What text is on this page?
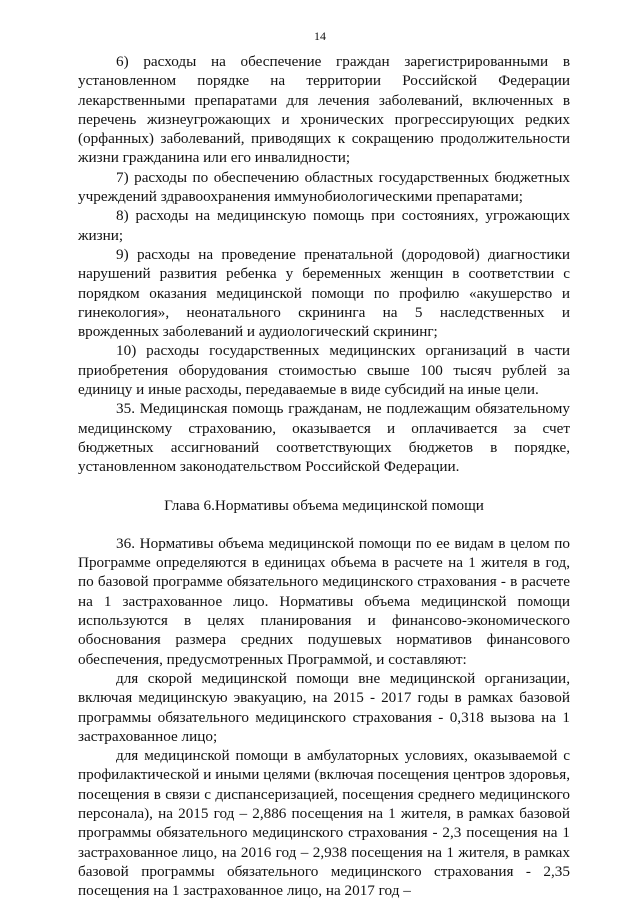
14

6) расходы на обеспечение граждан зарегистрированными в установленном порядке на территории Российской Федерации лекарственными препаратами для лечения заболеваний, включенных в перечень жизнеугрожающих и хронических прогрессирующих редких (орфанных) заболеваний, приводящих к сокращению продолжительности жизни гражданина или его инвалидности;

7) расходы по обеспечению областных государственных бюджетных учреждений здравоохранения иммунобиологическими препаратами;

8) расходы на медицинскую помощь при состояниях, угрожающих жизни;

9) расходы на проведение пренатальной (дородовой) диагностики нарушений развития ребенка у беременных женщин в соответствии с порядком оказания медицинской помощи по профилю «акушерство и гинекология», неонатального скрининга на 5 наследственных и врожденных заболеваний и аудиологический скрининг;

10) расходы государственных медицинских организаций в части приобретения оборудования стоимостью свыше 100 тысяч рублей за единицу и иные расходы, передаваемые в виде субсидий на иные цели.

35. Медицинская помощь гражданам, не подлежащим обязательному медицинскому страхованию, оказывается и оплачивается за счет бюджетных ассигнований соответствующих бюджетов в порядке, установленном законодательством Российской Федерации.

Глава 6.Нормативы объема медицинской помощи

36. Нормативы объема медицинской помощи по ее видам в целом по Программе определяются в единицах объема в расчете на 1 жителя в год, по базовой программе обязательного медицинского страхования - в расчете на 1 застрахованное лицо. Нормативы объема медицинской помощи используются в целях планирования и финансово-экономического обоснования размера средних подушевых нормативов финансового обеспечения, предусмотренных Программой, и составляют:

для скорой медицинской помощи вне медицинской организации, включая медицинскую эвакуацию, на 2015 - 2017 годы в рамках базовой программы обязательного медицинского страхования - 0,318 вызова на 1 застрахованное лицо;

для медицинской помощи в амбулаторных условиях, оказываемой с профилактической и иными целями (включая посещения центров здоровья, посещения в связи с диспансеризацией, посещения среднего медицинского персонала), на 2015 год – 2,886 посещения на 1 жителя, в рамках базовой программы обязательного медицинского страхования - 2,3 посещения на 1 застрахованное лицо, на 2016 год – 2,938 посещения на 1 жителя, в рамках базовой программы обязательного медицинского страхования - 2,35 посещения на 1 застрахованное лицо, на 2017 год –
